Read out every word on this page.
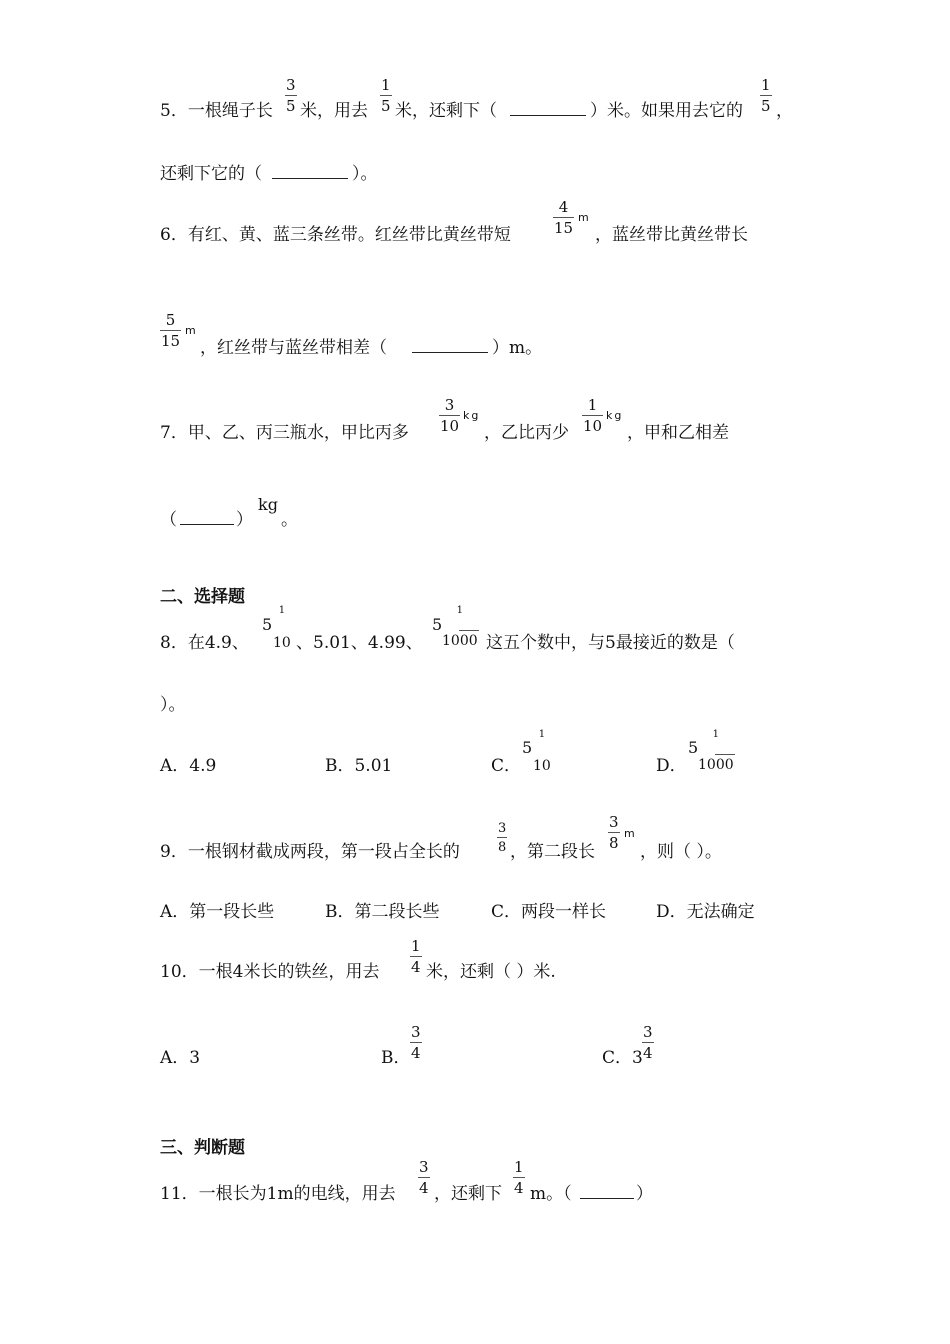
5．一根绳子长
3
5 米，用去
1
5 米，还剩下（	）米。如果用去它的
1
5 ，
还剩下它的（	）。
6．有红、黄、蓝三条丝带。红丝带比黄丝带短
4
15
m
，蓝丝带比黄丝带长
5
15
m
，红丝带与蓝丝带相差（	）m。
7．甲、乙、丙三瓶水，甲比丙多
3
10
kg
，乙比丙少
1
10
kg
，甲和乙相差
（	）
kg
。
二、选择题
8．在4.9、
5
1
10 、5.01、4.99、
5
1
1000 这五个数中，与5最接近的数是（
）。
A．4.9	B．5.01	C．
5
1
10	D．
5
1
1000
9．一根钢材截成两段，第一段占全长的
3
8 ，第二段长
3
8
m
，则（ ）。
A．第一段长些	B．第二段长些	C．两段一样长	D．无法确定
10．一根4米长的铁丝，用去
1
4 米，还剩（ ）米.
A．3	B．
3
4	C．3
3
4
三、判断题
11．一根长为1m的电线，用去
3
4 ，还剩下
1
4 m。（	）
